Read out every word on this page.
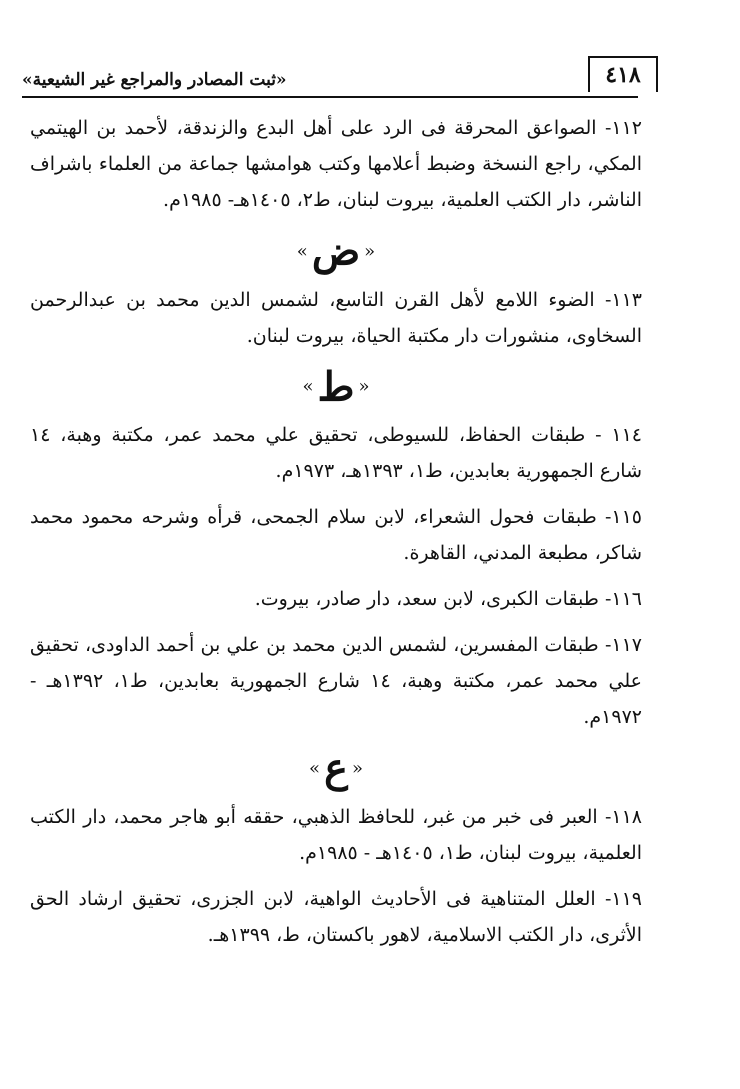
٤١٨
«ثبت المصادر والمراجع غير الشيعية»
١١٢- الصواعق المحرقة فى الرد على أهل البدع والزندقة، لأحمد بن الهيتمي المكي، راجع النسخة وضبط أعلامها وكتب هوامشها جماعة من العلماء باشراف الناشر، دار الكتب العلمية، بيروت لبنان، ط٢، ١٤٠٥هـ- ١٩٨٥م.
«ض»
١١٣- الضوء اللامع لأهل القرن التاسع، لشمس الدين محمد بن عبدالرحمن السخاوى، منشورات دار مكتبة الحياة، بيروت لبنان.
«ط»
١١٤ - طبقات الحفاظ، للسيوطى، تحقيق علي محمد عمر، مكتبة وهبة، ١٤ شارع الجمهورية بعابدين، ط١، ١٣٩٣هـ، ١٩٧٣م.
١١٥- طبقات فحول الشعراء، لابن سلام الجمحى، قرأه وشرحه محمود محمد شاكر، مطبعة المدني، القاهرة.
١١٦- طبقات الكبرى، لابن سعد، دار صادر، بيروت.
١١٧- طبقات المفسرين، لشمس الدين محمد بن علي بن أحمد الداودى، تحقيق علي محمد عمر، مكتبة وهبة، ١٤ شارع الجمهورية بعابدين، ط١، ١٣٩٢هـ - ١٩٧٢م.
«ع»
١١٨- العبر فى خبر من غبر، للحافظ الذهبي، حققه أبو هاجر محمد، دار الكتب العلمية، بيروت لبنان، ط١، ١٤٠٥هـ - ١٩٨٥م.
١١٩- العلل المتناهية فى الأحاديث الواهية، لابن الجزرى، تحقيق ارشاد الحق الأثرى، دار الكتب الاسلامية، لاهور باكستان، ط، ١٣٩٩هـ.
